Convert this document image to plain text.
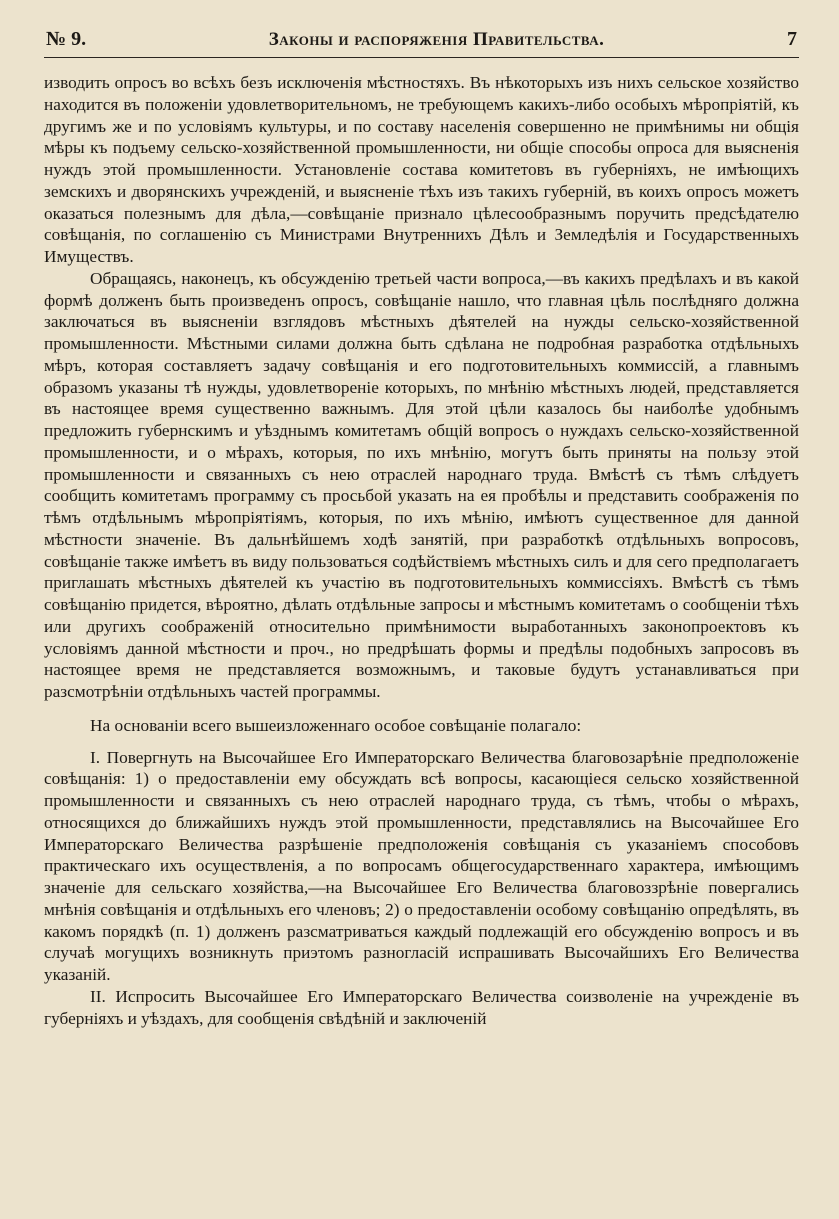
№ 9.	Законы и распоряженія Правительства.	7

изводить опросъ во всѣхъ безъ исключенія мѣстностяхъ. Въ нѣкоторыхъ изъ нихъ сельское хозяйство находится въ положеніи удовлетворительномъ, не требующемъ какихъ-либо особыхъ мѣропріятій, къ другимъ же и по условіямъ культуры, и по составу населенія совершенно не примѣнимы ни общія мѣры къ подъему сельско-хозяйственной промышленности, ни общіе способы опроса для выясненія нуждъ этой промышленности. Установленіе состава комитетовъ въ губерніяхъ, не имѣющихъ земскихъ и дворянскихъ учрежденій, и выясненіе тѣхъ изъ такихъ губерній, въ коихъ опросъ можетъ оказаться полезнымъ для дѣла,—совѣщаніе признало цѣлесообразнымъ поручить предсѣдателю совѣщанія, по соглашенію съ Министрами Внутреннихъ Дѣлъ и Земледѣлія и Государственныхъ Имуществъ.

Обращаясь, наконецъ, къ обсужденію третьей части вопроса,—въ какихъ предѣлахъ и въ какой формѣ долженъ быть произведенъ опросъ, совѣщаніе нашло, что главная цѣль послѣдняго должна заключаться въ выясненіи взглядовъ мѣстныхъ дѣятелей на нужды сельско-хозяйственной промышленности. Мѣстными силами должна быть сдѣлана не подробная разработка отдѣльныхъ мѣръ, которая составляетъ задачу совѣщанія и его подготовительныхъ коммиссій, а главнымъ образомъ указаны тѣ нужды, удовлетвореніе которыхъ, по мнѣнію мѣстныхъ людей, представляется въ настоящее время существенно важнымъ. Для этой цѣли казалось бы наиболѣе удобнымъ предложить губернскимъ и уѣзднымъ комитетамъ общій вопросъ о нуждахъ сельско-хозяйственной промышленности, и о мѣрахъ, которыя, по ихъ мнѣнію, могутъ быть приняты на пользу этой промышленности и связанныхъ съ нею отраслей народнаго труда. Вмѣстѣ съ тѣмъ слѣдуетъ сообщить комитетамъ программу съ просьбой указать на ея пробѣлы и представить соображенія по тѣмъ отдѣльнымъ мѣропріятіямъ, которыя, по ихъ мѣнію, имѣютъ существенное для данной мѣстности значеніе. Въ дальнѣйшемъ ходѣ занятій, при разработкѣ отдѣльныхъ вопросовъ, совѣщаніе также имѣетъ въ виду пользоваться содѣйствіемъ мѣстныхъ силъ и для сего предполагаетъ приглашать мѣстныхъ дѣятелей къ участію въ подготовительныхъ коммиссіяхъ. Вмѣстѣ съ тѣмъ совѣщанію придется, вѣроятно, дѣлать отдѣльные запросы и мѣстнымъ комитетамъ о сообщеніи тѣхъ или другихъ соображеній относительно примѣнимости выработанныхъ законопроектовъ къ условіямъ данной мѣстности и проч., но предрѣшать формы и предѣлы подобныхъ запросовъ въ настоящее время не представляется возможнымъ, и таковые будутъ устанавливаться при разсмотрѣніи отдѣльныхъ частей программы.

На основаніи всего вышеизложеннаго особое совѣщаніе полагало:

I. Повергнуть на Высочайшее Его Императорскаго Величества благовозарѣніе предположеніе совѣщанія: 1) о предоставленіи ему обсуждать всѣ вопросы, касающіеся сельско хозяйственной промышленности и связанныхъ съ нею отраслей народнаго труда, съ тѣмъ, чтобы о мѣрахъ, относящихся до ближайшихъ нуждъ этой промышленности, представлялись на Высочайшее Его Императорскаго Величества разрѣшеніе предположенія совѣщанія съ указаніемъ способовъ практическаго ихъ осуществленія, а по вопросамъ общегосударственнаго характера, имѣющимъ значеніе для сельскаго хозяйства,—на Высочайшее Его Величества благовоззрѣніе повергались мнѣнія совѣщанія и отдѣльныхъ его членовъ; 2) о предоставленіи особому совѣщанію опредѣлять, въ какомъ порядкѣ (п. 1) долженъ разсматриваться каждый подлежащій его обсужденію вопросъ и въ случаѣ могущихъ возникнуть приэтомъ разногласій испрашивать Высочайшихъ Его Величества указаній.

II. Испросить Высочайшее Его Императорскаго Величества соизволеніе на учрежденіе въ губерніяхъ и уѣздахъ, для сообщенія свѣдѣній и заключеній
